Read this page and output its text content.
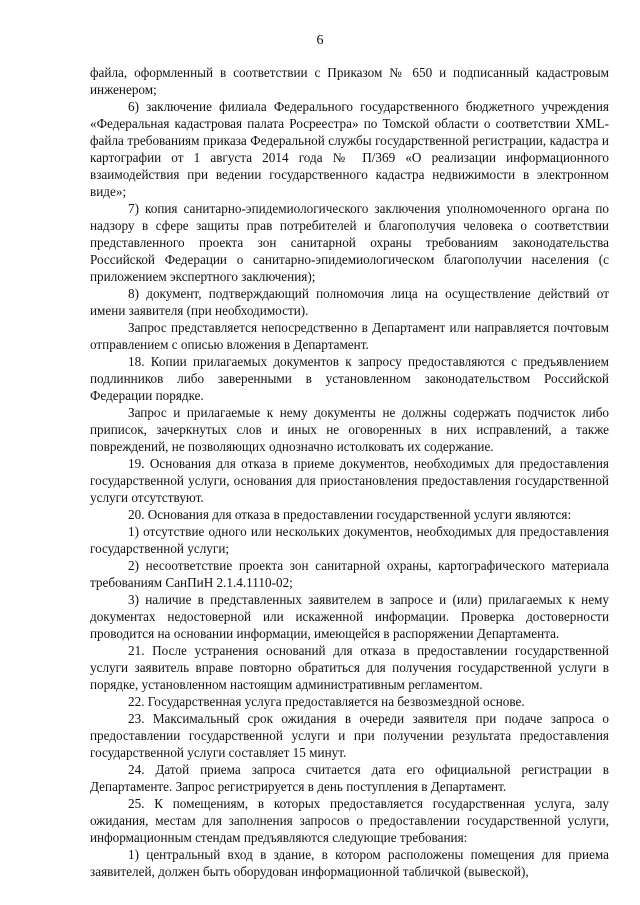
6

файла, оформленный в соответствии с Приказом № 650 и подписанный кадастровым инженером;

6) заключение филиала Федерального государственного бюджетного учреждения «Федеральная кадастровая палата Росреестра» по Томской области о соответствии XML-файла требованиям приказа Федеральной службы государственной регистрации, кадастра и картографии от 1 августа 2014 года № П/369 «О реализации информационного взаимодействия при ведении государственного кадастра недвижимости в электронном виде»;

7) копия санитарно-эпидемиологического заключения уполномоченного органа по надзору в сфере защиты прав потребителей и благополучия человека о соответствии представленного проекта зон санитарной охраны требованиям законодательства Российской Федерации о санитарно-эпидемиологическом благополучии населения (с приложением экспертного заключения);

8) документ, подтверждающий полномочия лица на осуществление действий от имени заявителя (при необходимости).

Запрос представляется непосредственно в Департамент или направляется почтовым отправлением с описью вложения в Департамент.

18. Копии прилагаемых документов к запросу предоставляются с предъявлением подлинников либо заверенными в установленном законодательством Российской Федерации порядке.

Запрос и прилагаемые к нему документы не должны содержать подчисток либо приписок, зачеркнутых слов и иных не оговоренных в них исправлений, а также повреждений, не позволяющих однозначно истолковать их содержание.

19. Основания для отказа в приеме документов, необходимых для предоставления государственной услуги, основания для приостановления предоставления государственной услуги отсутствуют.

20. Основания для отказа в предоставлении государственной услуги являются:

1) отсутствие одного или нескольких документов, необходимых для предоставления государственной услуги;

2) несоответствие проекта зон санитарной охраны, картографического материала требованиям СанПиН 2.1.4.1110-02;

3) наличие в представленных заявителем в запросе и (или) прилагаемых к нему документах недостоверной или искаженной информации. Проверка достоверности проводится на основании информации, имеющейся в распоряжении Департамента.

21. После устранения оснований для отказа в предоставлении государственной услуги заявитель вправе повторно обратиться для получения государственной услуги в порядке, установленном настоящим административным регламентом.

22. Государственная услуга предоставляется на безвозмездной основе.

23. Максимальный срок ожидания в очереди заявителя при подаче запроса о предоставлении государственной услуги и при получении результата предоставления государственной услуги составляет 15 минут.

24. Датой приема запроса считается дата его официальной регистрации в Департаменте. Запрос регистрируется в день поступления в Департамент.

25. К помещениям, в которых предоставляется государственная услуга, залу ожидания, местам для заполнения запросов о предоставлении государственной услуги, информационным стендам предъявляются следующие требования:

1) центральный вход в здание, в котором расположены помещения для приема заявителей, должен быть оборудован информационной табличкой (вывеской),
